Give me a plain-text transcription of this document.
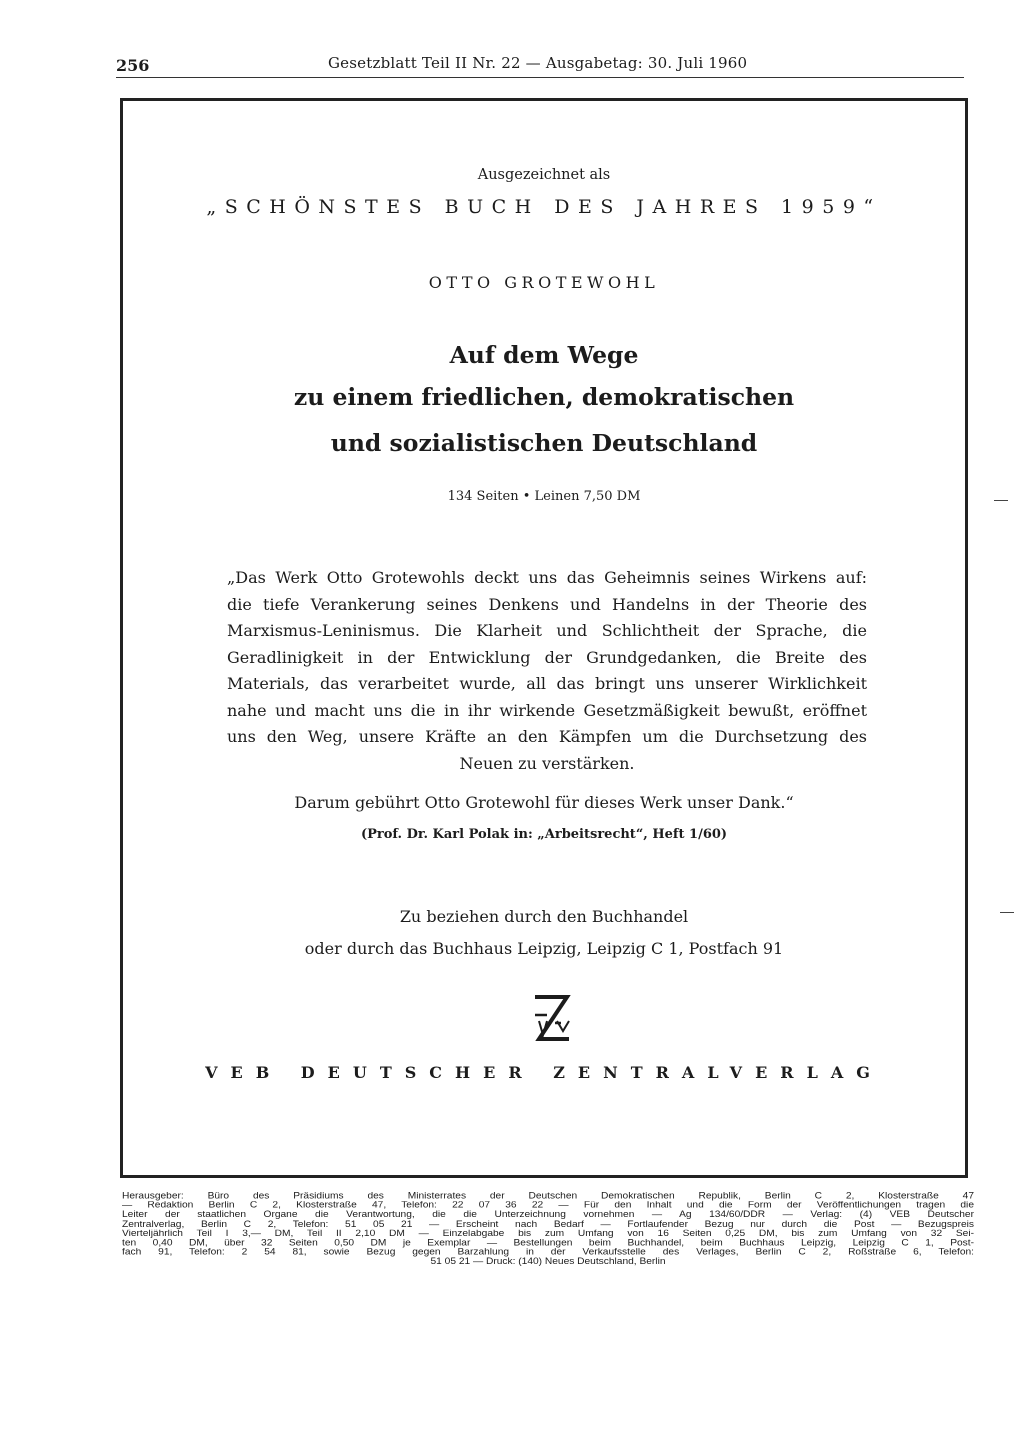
256	Gesetzblatt Teil II Nr. 22 — Ausgabetag: 30. Juli 1960
Ausgezeichnet als
„SCHÖNSTES BUCH DES JAHRES 1959“
OTTO GROTEWOHL
Auf dem Wege
zu einem friedlichen, demokratischen
und sozialistischen Deutschland
134 Seiten • Leinen 7,50 DM
„Das Werk Otto Grotewohls deckt uns das Geheimnis seines Wirkens auf:
die tiefe Verankerung seines Denkens und Handelns in der Theorie des
Marxismus-Leninismus. Die Klarheit und Schlichtheit der Sprache, die
Geradlinigkeit in der Entwicklung der Grundgedanken, die Breite des
Materials, das verarbeitet wurde, all das bringt uns unserer Wirklichkeit
nahe und macht uns die in ihr wirkende Gesetzmäßigkeit bewußt, eröffnet
uns den Weg, unsere Kräfte an den Kämpfen um die Durchsetzung des
Neuen zu verstärken.
Darum gebührt Otto Grotewohl für dieses Werk unser Dank.“
(Prof. Dr. Karl Polak in: „Arbeitsrecht“, Heft 1/60)
Zu beziehen durch den Buchhandel
oder durch das Buchhaus Leipzig, Leipzig C 1, Postfach 91
VEB DEUTSCHER ZENTRALVERLAG
Herausgeber: Büro des Präsidiums des Ministerrates der Deutschen Demokratischen Republik, Berlin C 2, Klosterstraße 47
— Redaktion Berlin C 2, Klosterstraße 47, Telefon: 22 07 36 22 — Für den Inhalt und die Form der Veröffentlichungen tragen die
Leiter der staatlichen Organe die Verantwortung, die die Unterzeichnung vornehmen — Ag 134/60/DDR — Verlag: (4) VEB Deutscher
Zentralverlag, Berlin C 2, Telefon: 51 05 21 — Erscheint nach Bedarf — Fortlaufender Bezug nur durch die Post — Bezugspreis
Vierteljährlich Teil I 3,— DM, Teil II 2,10 DM — Einzelabgabe bis zum Umfang von 16 Seiten 0,25 DM, bis zum Umfang von 32 Sei-
ten 0,40 DM, über 32 Seiten 0,50 DM je Exemplar — Bestellungen beim Buchhandel, beim Buchhaus Leipzig, Leipzig C 1, Post-
fach 91, Telefon: 2 54 81, sowie Bezug gegen Barzahlung in der Verkaufsstelle des Verlages, Berlin C 2, Roßstraße 6, Telefon:
51 05 21 — Druck: (140) Neues Deutschland, Berlin
